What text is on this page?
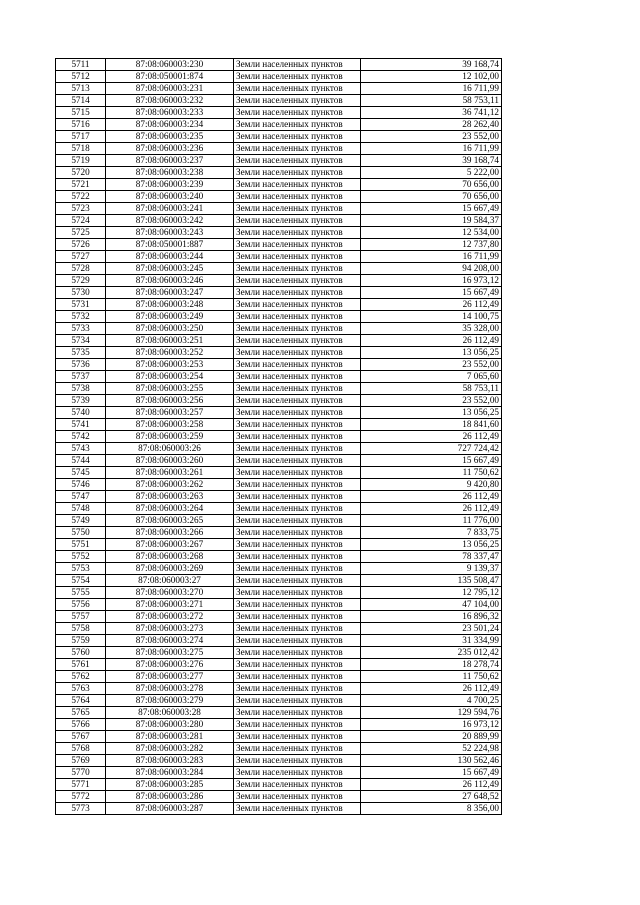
5711	87:08:060003:230	Земли населенных пунктов	39 168,74
5712	87:08:050001:874	Земли населенных пунктов	12 102,00
5713	87:08:060003:231	Земли населенных пунктов	16 711,99
5714	87:08:060003:232	Земли населенных пунктов	58 753,11
5715	87:08:060003:233	Земли населенных пунктов	36 741,12
5716	87:08:060003:234	Земли населенных пунктов	28 262,40
5717	87:08:060003:235	Земли населенных пунктов	23 552,00
5718	87:08:060003:236	Земли населенных пунктов	16 711,99
5719	87:08:060003:237	Земли населенных пунктов	39 168,74
5720	87:08:060003:238	Земли населенных пунктов	5 222,00
5721	87:08:060003:239	Земли населенных пунктов	70 656,00
5722	87:08:060003:240	Земли населенных пунктов	70 656,00
5723	87:08:060003:241	Земли населенных пунктов	15 667,49
5724	87:08:060003:242	Земли населенных пунктов	19 584,37
5725	87:08:060003:243	Земли населенных пунктов	12 534,00
5726	87:08:050001:887	Земли населенных пунктов	12 737,80
5727	87:08:060003:244	Земли населенных пунктов	16 711,99
5728	87:08:060003:245	Земли населенных пунктов	94 208,00
5729	87:08:060003:246	Земли населенных пунктов	16 973,12
5730	87:08:060003:247	Земли населенных пунктов	15 667,49
5731	87:08:060003:248	Земли населенных пунктов	26 112,49
5732	87:08:060003:249	Земли населенных пунктов	14 100,75
5733	87:08:060003:250	Земли населенных пунктов	35 328,00
5734	87:08:060003:251	Земли населенных пунктов	26 112,49
5735	87:08:060003:252	Земли населенных пунктов	13 056,25
5736	87:08:060003:253	Земли населенных пунктов	23 552,00
5737	87:08:060003:254	Земли населенных пунктов	7 065,60
5738	87:08:060003:255	Земли населенных пунктов	58 753,11
5739	87:08:060003:256	Земли населенных пунктов	23 552,00
5740	87:08:060003:257	Земли населенных пунктов	13 056,25
5741	87:08:060003:258	Земли населенных пунктов	18 841,60
5742	87:08:060003:259	Земли населенных пунктов	26 112,49
5743	87:08:060003:26	Земли населенных пунктов	727 724,42
5744	87:08:060003:260	Земли населенных пунктов	15 667,49
5745	87:08:060003:261	Земли населенных пунктов	11 750,62
5746	87:08:060003:262	Земли населенных пунктов	9 420,80
5747	87:08:060003:263	Земли населенных пунктов	26 112,49
5748	87:08:060003:264	Земли населенных пунктов	26 112,49
5749	87:08:060003:265	Земли населенных пунктов	11 776,00
5750	87:08:060003:266	Земли населенных пунктов	7 833,75
5751	87:08:060003:267	Земли населенных пунктов	13 056,25
5752	87:08:060003:268	Земли населенных пунктов	78 337,47
5753	87:08:060003:269	Земли населенных пунктов	9 139,37
5754	87:08:060003:27	Земли населенных пунктов	135 508,47
5755	87:08:060003:270	Земли населенных пунктов	12 795,12
5756	87:08:060003:271	Земли населенных пунктов	47 104,00
5757	87:08:060003:272	Земли населенных пунктов	16 896,32
5758	87:08:060003:273	Земли населенных пунктов	23 501,24
5759	87:08:060003:274	Земли населенных пунктов	31 334,99
5760	87:08:060003:275	Земли населенных пунктов	235 012,42
5761	87:08:060003:276	Земли населенных пунктов	18 278,74
5762	87:08:060003:277	Земли населенных пунктов	11 750,62
5763	87:08:060003:278	Земли населенных пунктов	26 112,49
5764	87:08:060003:279	Земли населенных пунктов	4 700,25
5765	87:08:060003:28	Земли населенных пунктов	129 594,76
5766	87:08:060003:280	Земли населенных пунктов	16 973,12
5767	87:08:060003:281	Земли населенных пунктов	20 889,99
5768	87:08:060003:282	Земли населенных пунктов	52 224,98
5769	87:08:060003:283	Земли населенных пунктов	130 562,46
5770	87:08:060003:284	Земли населенных пунктов	15 667,49
5771	87:08:060003:285	Земли населенных пунктов	26 112,49
5772	87:08:060003:286	Земли населенных пунктов	27 648,52
5773	87:08:060003:287	Земли населенных пунктов	8 356,00
